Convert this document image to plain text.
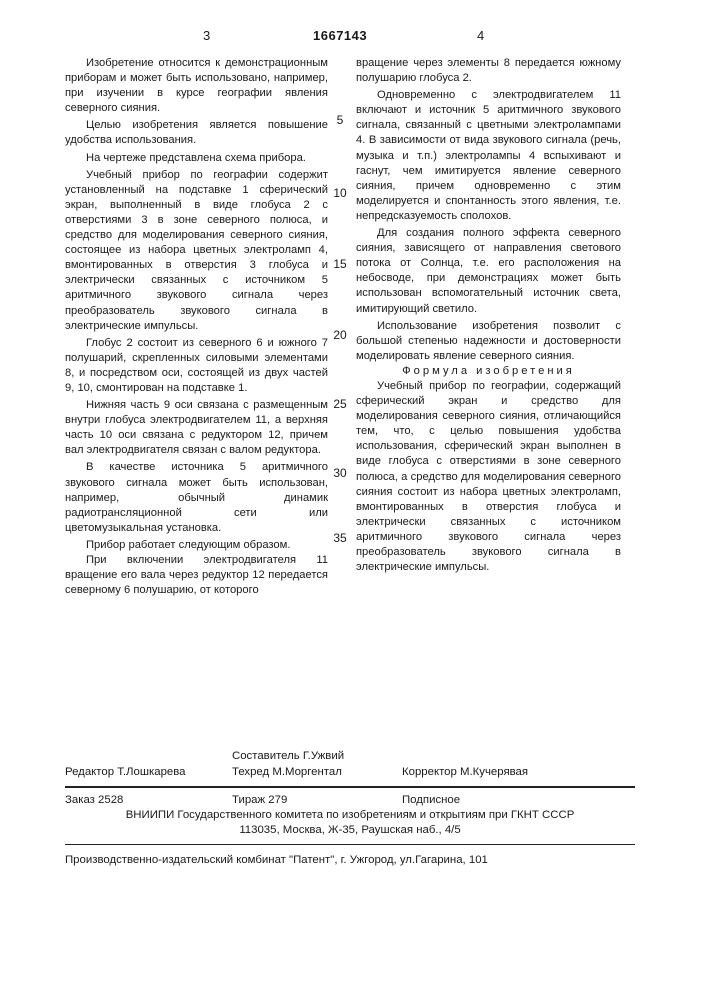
3	1667143	4

Изобретение относится к демонстрационным приборам и может быть использовано, например, при изучении в курсе географии явления северного сияния.

Целью изобретения является повышение удобства использования.

На чертеже представлена схема прибора.

Учебный прибор по географии содержит установленный на подставке 1 сферический экран, выполненный в виде глобуса 2 с отверстиями 3 в зоне северного полюса, и средство для моделирования северного сияния, состоящее из набора цветных электроламп 4, вмонтированных в отверстия 3 глобуса и электрически связанных с источником 5 аритмичного звукового сигнала через преобразователь звукового сигнала в электрические импульсы.

Глобус 2 состоит из северного 6 и южного 7 полушарий, скрепленных силовыми элементами 8, и посредством оси, состоящей из двух частей 9, 10, смонтирован на подставке 1.

Нижняя часть 9 оси связана с размещенным внутри глобуса электродвигателем 11, а верхняя часть 10 оси связана с редуктором 12, причем вал электродвигателя связан с валом редуктора.

В качестве источника 5 аритмичного звукового сигнала может быть использован, например, обычный динамик радиотрансляционной сети или цветомузыкальная установка.

Прибор работает следующим образом.

При включении электродвигателя 11 вращение его вала через редуктор 12 передается северному 6 полушарию, от которого

5
10
15
20
25
30
35

вращение через элементы 8 передается южному полушарию глобуса 2.

Одновременно с электродвигателем 11 включают и источник 5 аритмичного звукового сигнала, связанный с цветными электролампами 4. В зависимости от вида звукового сигнала (речь, музыка и т.п.) электролампы 4 вспыхивают и гаснут, чем имитируется явление северного сияния, причем одновременно с этим моделируется и спонтанность этого явления, т.е. непредсказуемость сполохов.

Для создания полного эффекта северного сияния, зависящего от направления светового потока от Солнца, т.е. его расположения на небосводе, при демонстрациях может быть использован вспомогательный источник света, имитирующий светило.

Использование изобретения позволит с большой степенью надежности и достоверности моделировать явление северного сияния.

Формула изобретения

Учебный прибор по географии, содержащий сферический экран и средство для моделирования северного сияния, отличающийся тем, что, с целью повышения удобства использования, сферический экран выполнен в виде глобуса с отверстиями в зоне северного полюса, а средство для моделирования северного сияния состоит из набора цветных электроламп, вмонтированных в отверстия глобуса и электрически связанных с источником аритмичного звукового сигнала через преобразователь звукового сигнала в электрические импульсы.

Составитель Г.Ужвий
Редактор Т.Лошкарева	Техред М.Моргентал	Корректор М.Кучерявая
Заказ 2528	Тираж 279	Подписное
ВНИИПИ Государственного комитета по изобретениям и открытиям при ГКНТ СССР
113035, Москва, Ж-35, Раушская наб., 4/5
Производственно-издательский комбинат "Патент", г. Ужгород, ул.Гагарина, 101
